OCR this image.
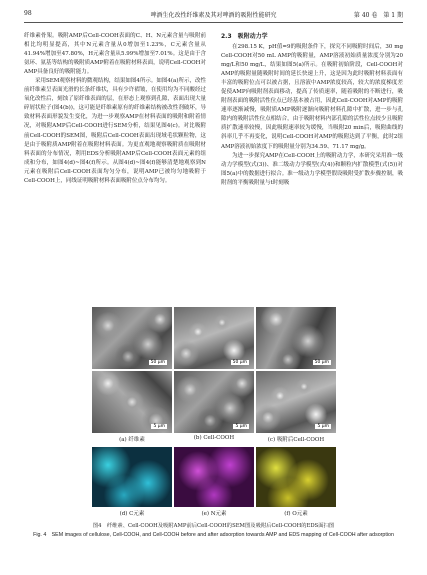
98	啤酒生化改性纤维素及其对啤酒的吸附性能研究	第 40 卷　第 1 期

纤维素骨架。吸附AMP后Cell-COOH表面的C、H、N元素含量与吸附前相比均明显提高，其中N元素含量从0增加至1.23%，C元素含量从41.94%增加至47.80%，H元素含量从5.99%增加至7.01%。这是由于含氨环、氨基等结构的吸附质AMP附着在吸附材料表面，说明Cell-COOH对AMP具备良好的吸附能力。

采用SEM观察材料的微观结构，结果如图4所示。如图4(a)所示，改性前纤维素呈表面光滑的长条纤维状，具有少许褶皱，在使用均为不同酸经过氧化改性后，刻蚀了原纤维表面的层，在形态上观察到孔隙，表面出现大量碎屑状粒子(图4(b))，这可能是纤维素原有的纤维素结构被改性剂破坏，导致材料表面形貌发生变化，为进一步观察AMP在材料表面的吸附和附着情况，对吸附AMP后Cell-COOH进行SEM分析，结果见图4(c)。对比吸附前Cell-COOH的SEM图，吸附后Cell-COOH表面出现域毛状颗粒物，这是由于吸附质AMP附着在吸附材料表面。为更直观地观察吸附质在吸附材料表面的分布情况，利用EDS分析吸附AMP后Cell-COOH表面元素的组成和分布，如图4(d)~图4(f)所示。从图4(d)~图4(f)能够清楚地观察到N元素在吸附后Cell-COOH表面均匀分布，说明AMP已被均匀地吸附于Cell-COOH上，同线证明吸附材料表面吸附位点分布均匀。

2.3　吸附动力学

在298.15 K，pH值=9的吸附条件下，探究不同吸附时间后，30 mg Cell-COOH对50 mL AMP的吸附量，AMP溶液初始质量浓度分别为20 mg/L和50 mg/L，结果如图5(a)所示。在吸附初始阶段，Cell-COOH对AMP的吸附量随吸附时间的延长快速上升，这是因为此时吸附材料表面有丰富的吸附位点可以被占据，且溶液中AMP浓度较高，较大的浓度梯度差促使AMP向吸附剂表面移动，提高了传质速率，随着吸附的不断进行，吸附剂表面的吸附活性位点已经基本被占用，因此Cell-COOH对AMP的吸附速率逐渐减慢，吸附质AMP吸附逐渐向吸附材料孔隙中扩散，进一步与孔隙内的吸附活性位点相结合，由于吸附材料内部孔隙的活性位点较少且吸附质扩散速率较慢，因此吸附速率较为缓慢，当吸附20 min后，吸附曲线的斜率几乎不再变化，说明Cell-COOH对AMP的吸附达到了平衡，此时2组AMP溶液初始浓度下的吸附量分别为34.59、71.17 mg/g。

为进一步探究AMP在Cell-COOH上的吸附动力学，本研究采用准一级动力学模型(式(3))、准二级动力学模型(式(4))和颗粒内扩散模型(式(5))对图5(a)中的数据进行拟合。准一级动力学模型假设吸附受扩散步骤控制，吸附剂的平衡吸附量与t时刻吸

50 μm	50 μm	50 μm
5 μm	5 μm	5 μm
(a) 纤维素	(b) Cell-COOH	(c) 吸附后Cell-COOH
(d) C元素	(e) N元素	(f) O元素
图4　纤维素、Cell-COOH及吸附AMP前后Cell-COOH的SEM图及吸附后Cell-COOH的EDS面扫图
Fig. 4　SEM images of cellulose, Cell-COOH, and Cell-COOH before and after adsorption towards AMP and EDS mapping of Cell-COOH after adsorption
